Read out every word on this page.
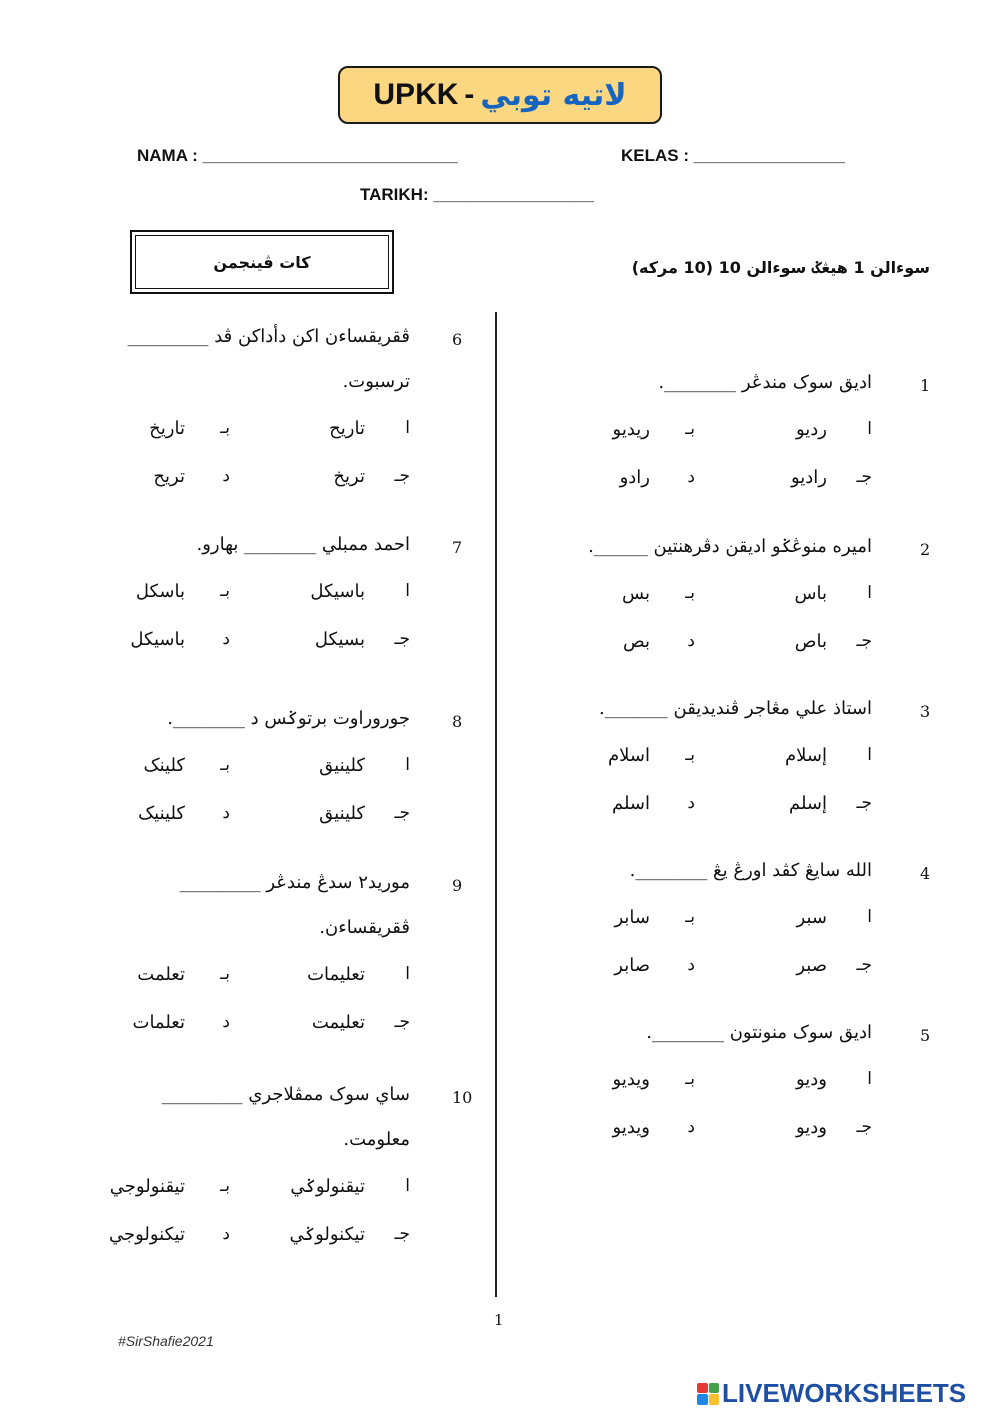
UPKK - لاتيه توبي
NAMA : ___________________________	KELAS : ________________
TARIKH: _________________
كات ڤينجمن	سوءالن 1 هيڠݢ سوءالن 10 (10 مركه)
1
اديق سوک مندڠر ________.
ا
رديو
بـ
ريديو
جـ
راديو
د
رادو
2
اميره منوڠݢو اديقن دڤرهنتين ______.
ا
باس
بـ
بس
جـ
باص
د
بص
3
استاذ علي مڠاجر ڤنديديقن _______.
ا
إسلام
بـ
اسلام
جـ
إسلم
د
اسلم
4
الله سايڠ كڤد اورڠ يڠ ________.
ا
سبر
بـ
سابر
جـ
صبر
د
صابر
5
اديق سوک منونتون ________.
ا
وديو
بـ
ويديو
جـ
وديو
د
ويديو
6
ڤقريقساءن اكن دأداكن ڤد _________
ترسبوت.
ا
تاريح
بـ
تاريخ
جـ
تريخ
د
تريح
7
احمد ممبلي ________ بهارو.
ا
باسيكل
بـ
باسكل
جـ
بسيكل
د
باسيكل
8
جوروراوت برتوݢس د ________.
ا
كلينيق
بـ
كلينک
جـ
كلينيق
د
كلينيک
9
موريد٢ سدڠ مندڠر _________
ڤقريقساءن.
ا
تعليمات
بـ
تعلمت
جـ
تعليمت
د
تعلمات
10
ساي سوک ممڤلاجري _________
معلومت.
ا
تيقنولوݢي
بـ
تيقنولوجي
جـ
تيكنولوݢي
د
تيكنولوجي
1
#SirShafie2021
LIVEWORKSHEETS
